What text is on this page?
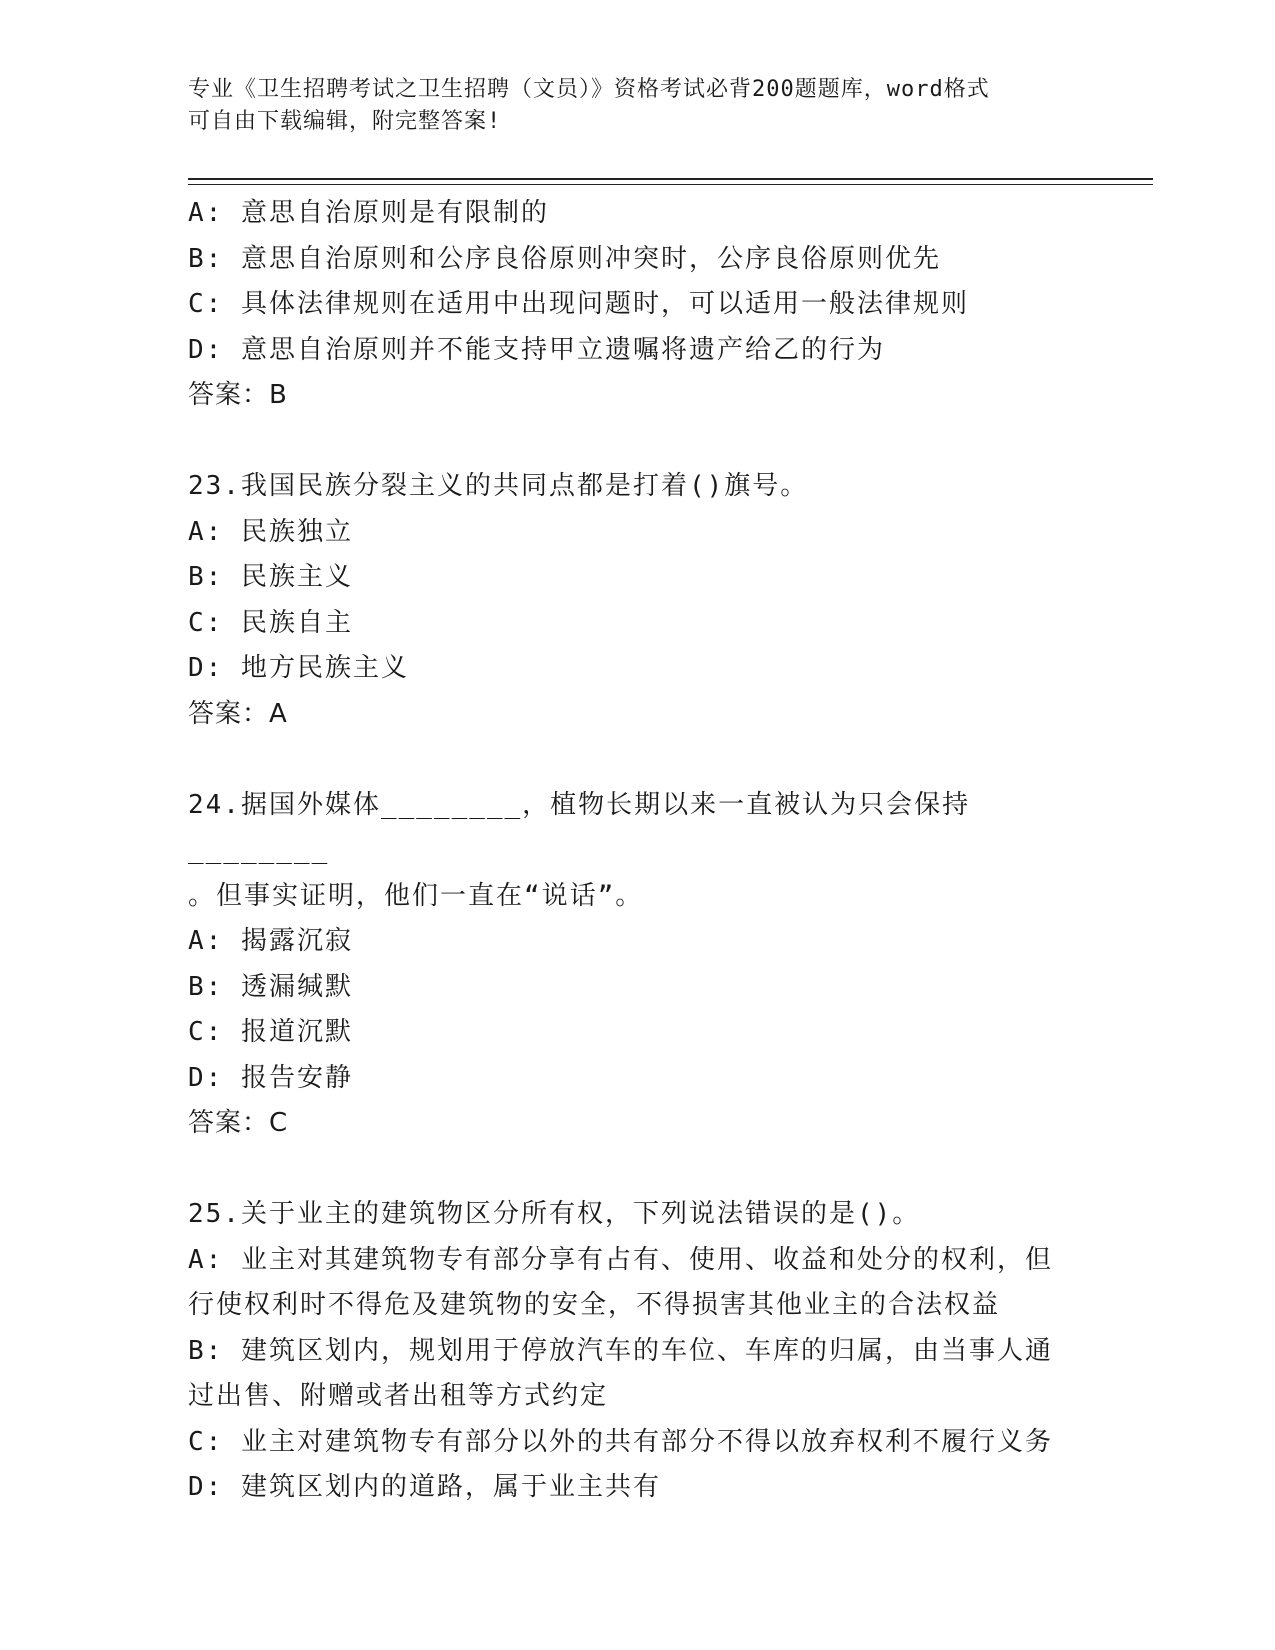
专业《卫生招聘考试之卫生招聘（文员）》资格考试必背200题题库，word格式
可自由下载编辑，附完整答案!
A: 意思自治原则是有限制的
B: 意思自治原则和公序良俗原则冲突时，公序良俗原则优先
C: 具体法律规则在适用中出现问题时，可以适用一般法律规则
D: 意思自治原则并不能支持甲立遗嘱将遗产给乙的行为
答案：B
23.我国民族分裂主义的共同点都是打着()旗号。
A: 民族独立
B: 民族主义
C: 民族自主
D: 地方民族主义
答案：A
24.据国外媒体________，植物长期以来一直被认为只会保持________
。但事实证明，他们一直在“说话”。
A: 揭露沉寂
B: 透漏缄默
C: 报道沉默
D: 报告安静
答案：C
25.关于业主的建筑物区分所有权，下列说法错误的是()。
A: 业主对其建筑物专有部分享有占有、使用、收益和处分的权利，但
行使权利时不得危及建筑物的安全，不得损害其他业主的合法权益
B: 建筑区划内，规划用于停放汽车的车位、车库的归属，由当事人通
过出售、附赠或者出租等方式约定
C: 业主对建筑物专有部分以外的共有部分不得以放弃权利不履行义务
D: 建筑区划内的道路，属于业主共有
